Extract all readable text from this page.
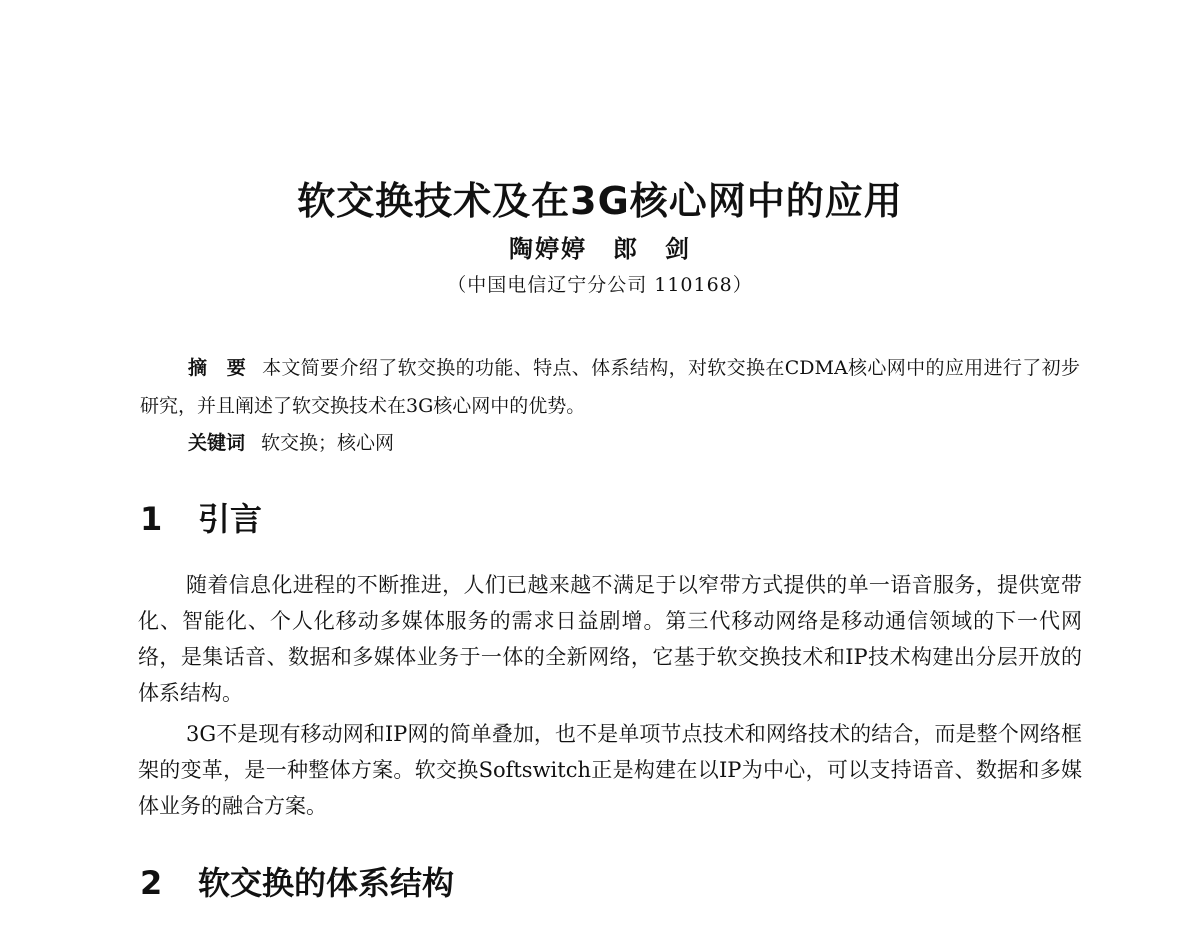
软交换技术及在3G核心网中的应用
陶婷婷　郎　剑
（中国电信辽宁分公司 110168）

摘　要 本文简要介绍了软交换的功能、特点、体系结构，对软交换在CDMA核心网中的应用进行了初步研究，并且阐述了软交换技术在3G核心网中的优势。

关键词 软交换；核心网

1 引言

随着信息化进程的不断推进，人们已越来越不满足于以窄带方式提供的单一语音服务，提供宽带化、智能化、个人化移动多媒体服务的需求日益剧增。第三代移动网络是移动通信领域的下一代网络，是集话音、数据和多媒体业务于一体的全新网络，它基于软交换技术和IP技术构建出分层开放的体系结构。

3G不是现有移动网和IP网的简单叠加，也不是单项节点技术和网络技术的结合，而是整个网络框架的变革，是一种整体方案。软交换Softswitch正是构建在以IP为中心，可以支持语音、数据和多媒体业务的融合方案。

2 软交换的体系结构
